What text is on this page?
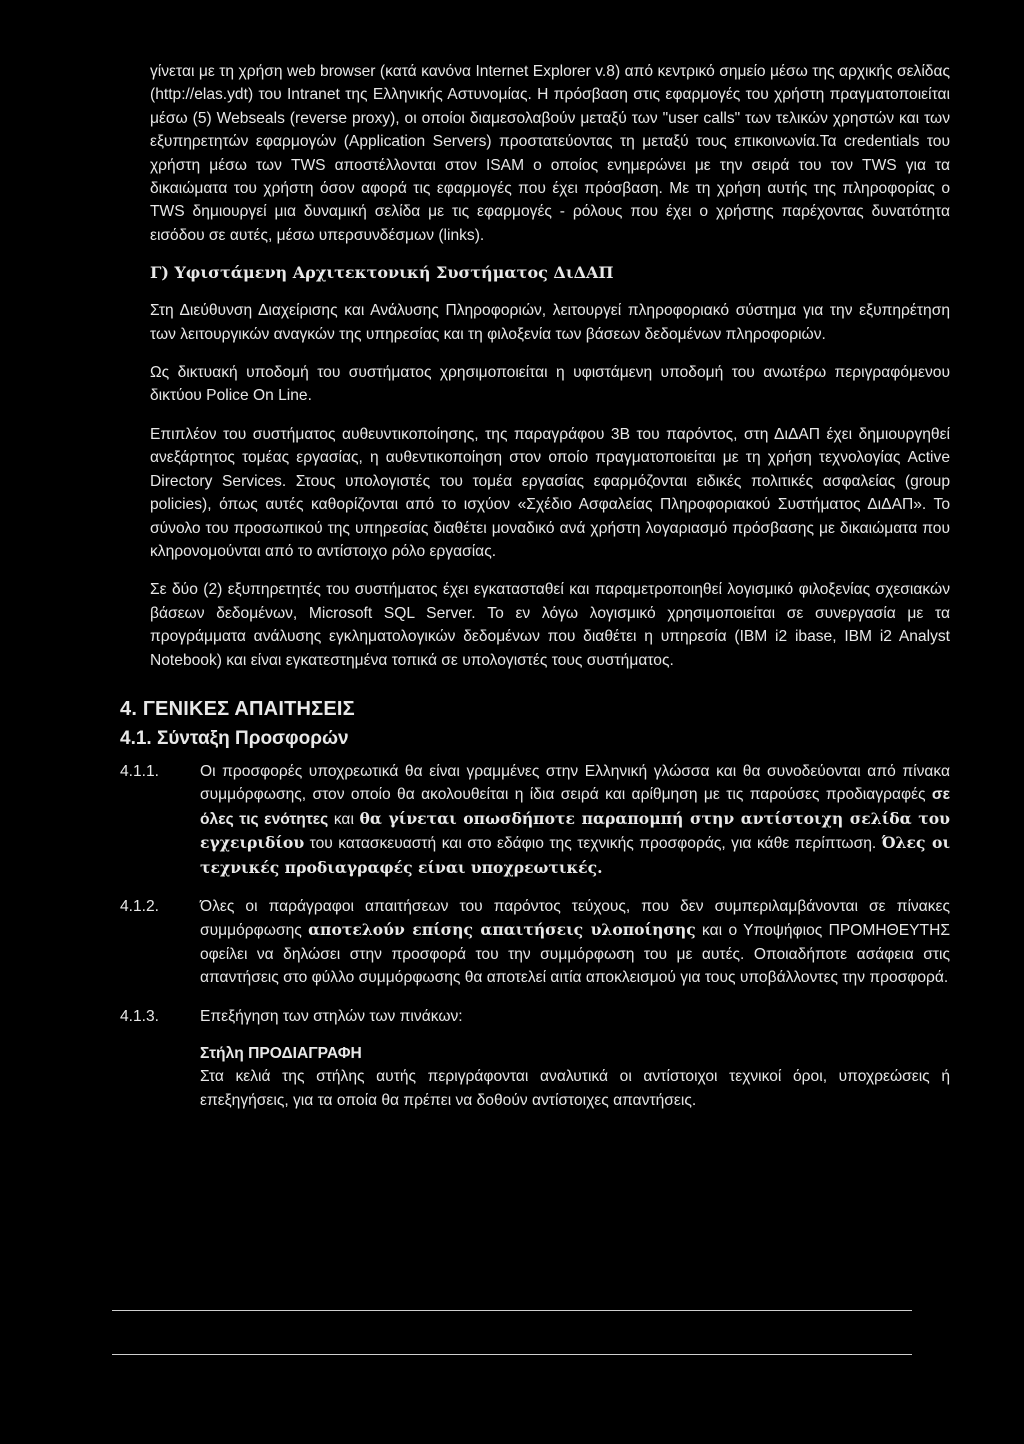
γίνεται με τη χρήση web browser (κατά κανόνα Internet Explorer v.8) από κεντρικό σημείο μέσω της αρχικής σελίδας (http://elas.ydt) του Intranet της Ελληνικής Αστυνομίας. Η πρόσβαση στις εφαρμογές του χρήστη πραγματοποιείται μέσω (5) Webseals (reverse proxy), οι οποίοι διαμεσολαβούν μεταξύ των "user calls" των τελικών χρηστών και των εξυπηρετητών εφαρμογών (Application Servers) προστατεύοντας τη μεταξύ τους επικοινωνία.Τα credentials του χρήστη μέσω των TWS αποστέλλονται στον ISAM ο οποίος ενημερώνει με την σειρά του τον TWS για τα δικαιώματα του χρήστη όσον αφορά τις εφαρμογές που έχει πρόσβαση. Με τη χρήση αυτής της πληροφορίας ο TWS δημιουργεί μια δυναμική σελίδα με τις εφαρμογές - ρόλους που έχει ο χρήστης παρέχοντας δυνατότητα εισόδου σε αυτές, μέσω υπερσυνδέσμων (links).

Γ) Υφιστάμενη Αρχιτεκτονική Συστήματος ΔιΔΑΠ

Στη Διεύθυνση Διαχείρισης και Ανάλυσης Πληροφοριών, λειτουργεί πληροφοριακό σύστημα για την εξυπηρέτηση των λειτουργικών αναγκών της υπηρεσίας και τη φιλοξενία των βάσεων δεδομένων πληροφοριών.

Ως δικτυακή υποδομή του συστήματος χρησιμοποιείται η υφιστάμενη υποδομή του ανωτέρω περιγραφόμενου δικτύου Police On Line.

Επιπλέον του συστήματος αυθευντικοποίησης, της παραγράφου 3Β του παρόντος, στη ΔιΔΑΠ έχει δημιουργηθεί ανεξάρτητος τομέας εργασίας, η αυθεντικοποίηση στον οποίο πραγματοποιείται με τη χρήση τεχνολογίας Active Directory Services. Στους υπολογιστές του τομέα εργασίας εφαρμόζονται ειδικές πολιτικές ασφαλείας (group policies), όπως αυτές καθορίζονται από το ισχύον «Σχέδιο Ασφαλείας Πληροφοριακού Συστήματος ΔιΔΑΠ». Το σύνολο του προσωπικού της υπηρεσίας διαθέτει μοναδικό ανά χρήστη λογαριασμό πρόσβασης με δικαιώματα που κληρονομούνται από το αντίστοιχο ρόλο εργασίας.

Σε δύο (2) εξυπηρετητές του συστήματος έχει εγκατασταθεί και παραμετροποιηθεί λογισμικό φιλοξενίας σχεσιακών βάσεων δεδομένων, Microsoft SQL Server. Το εν λόγω λογισμικό χρησιμοποιείται σε συνεργασία με τα προγράμματα ανάλυσης εγκληματολογικών δεδομένων που διαθέτει η υπηρεσία (IBM i2 ibase, IBM i2 Analyst Notebook) και είναι εγκατεστημένα τοπικά σε υπολογιστές τους συστήματος.

4. ΓΕΝΙΚΕΣ ΑΠΑΙΤΗΣΕΙΣ
4.1. Σύνταξη Προσφορών
4.1.1.	Οι προσφορές υποχρεωτικά θα είναι γραμμένες στην Ελληνική γλώσσα και θα συνοδεύονται από πίνακα συμμόρφωσης, στον οποίο θα ακολουθείται η ίδια σειρά και αρίθμηση με τις παρούσες προδιαγραφές σε όλες τις ενότητες και θα γίνεται οπωσδήποτε παραπομπή στην αντίστοιχη σελίδα του εγχειριδίου του κατασκευαστή και στο εδάφιο της τεχνικής προσφοράς, για κάθε περίπτωση. Όλες οι τεχνικές προδιαγραφές είναι υποχρεωτικές.
4.1.2.	Όλες οι παράγραφοι απαιτήσεων του παρόντος τεύχους, που δεν συμπεριλαμβάνονται σε πίνακες συμμόρφωσης αποτελούν επίσης απαιτήσεις υλοποίησης και ο Υποψήφιος ΠΡΟΜΗΘΕΥΤΗΣ οφείλει να δηλώσει στην προσφορά του την συμμόρφωση του με αυτές. Οποιαδήποτε ασάφεια στις απαντήσεις στο φύλλο συμμόρφωσης θα αποτελεί αιτία αποκλεισμού για τους υποβάλλοντες την προσφορά.
4.1.3.	Επεξήγηση των στηλών των πινάκων:
Στήλη ΠΡΟΔΙΑΓΡΑΦΗ
Στα κελιά της στήλης αυτής περιγράφονται αναλυτικά οι αντίστοιχοι τεχνικοί όροι, υποχρεώσεις ή επεξηγήσεις, για τα οποία θα πρέπει να δοθούν αντίστοιχες απαντήσεις.
